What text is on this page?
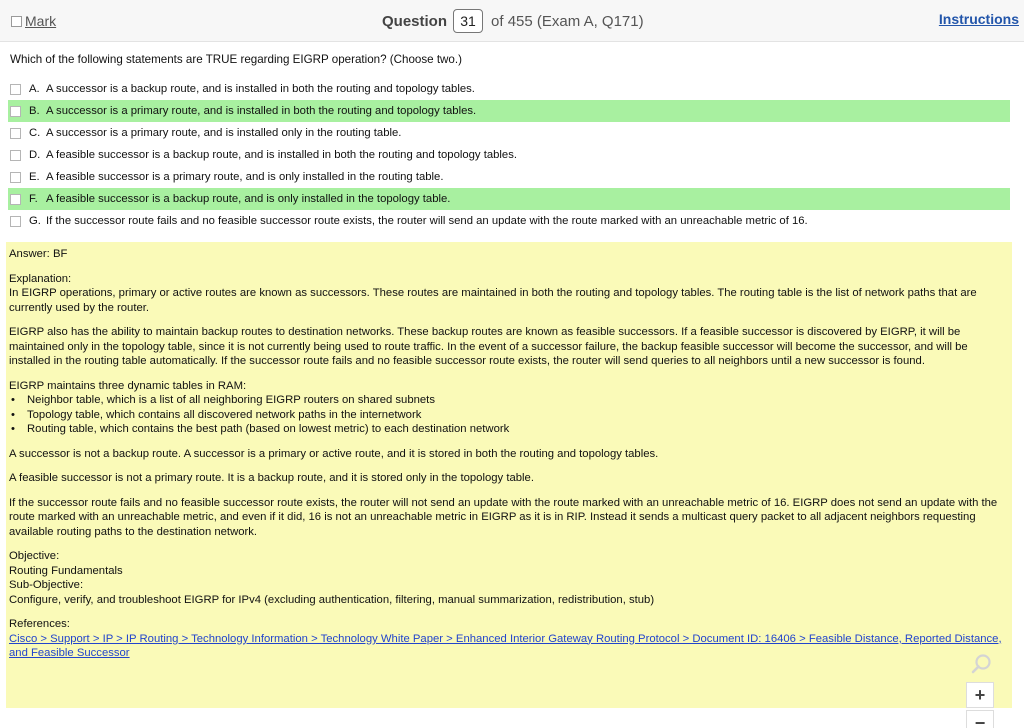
Mark	Question
31	of 455 (Exam A, Q171)	Instructions
Which of the following statements are TRUE regarding EIGRP operation? (Choose two.)
A. A successor is a backup route, and is installed in both the routing and topology tables.
B. A successor is a primary route, and is installed in both the routing and topology tables.
C. A successor is a primary route, and is installed only in the routing table.
D. A feasible successor is a backup route, and is installed in both the routing and topology tables.
E. A feasible successor is a primary route, and is only installed in the routing table.
F. A feasible successor is a backup route, and is only installed in the topology table.
G. If the successor route fails and no feasible successor route exists, the router will send an update with the route marked with an unreachable metric of 16.

Answer: BF

Explanation:

In EIGRP operations, primary or active routes are known as successors. These routes are maintained in both the routing and topology tables. The routing table is the list of network paths that are currently used by the router.

EIGRP also has the ability to maintain backup routes to destination networks. These backup routes are known as feasible successors. If a feasible successor is discovered by EIGRP, it will be maintained only in the topology table, since it is not currently being used to route traffic. In the event of a successor failure, the backup feasible successor will become the successor, and will be installed in the routing table automatically. If the successor route fails and no feasible successor route exists, the router will send queries to all neighbors until a new successor is found.

EIGRP maintains three dynamic tables in RAM:

• Neighbor table, which is a list of all neighboring EIGRP routers on shared subnets
• Topology table, which contains all discovered network paths in the internetwork
• Routing table, which contains the best path (based on lowest metric) to each destination network

A successor is not a backup route. A successor is a primary or active route, and it is stored in both the routing and topology tables.

A feasible successor is not a primary route. It is a backup route, and it is stored only in the topology table.

If the successor route fails and no feasible successor route exists, the router will not send an update with the route marked with an unreachable metric of 16. EIGRP does not send an update with the route marked with an unreachable metric, and even if it did, 16 is not an unreachable metric in EIGRP as it is in RIP. Instead it sends a multicast query packet to all adjacent neighbors requesting available routing paths to the destination network.

Objective:

Routing Fundamentals

Sub-Objective:

Configure, verify, and troubleshoot EIGRP for IPv4 (excluding authentication, filtering, manual summarization, redistribution, stub)

References:

Cisco > Support > IP > IP Routing > Technology Information > Technology White Paper > Enhanced Interior Gateway Routing Protocol > Document ID: 16406 > Feasible Distance, Reported Distance, and Feasible Successor

+
−
